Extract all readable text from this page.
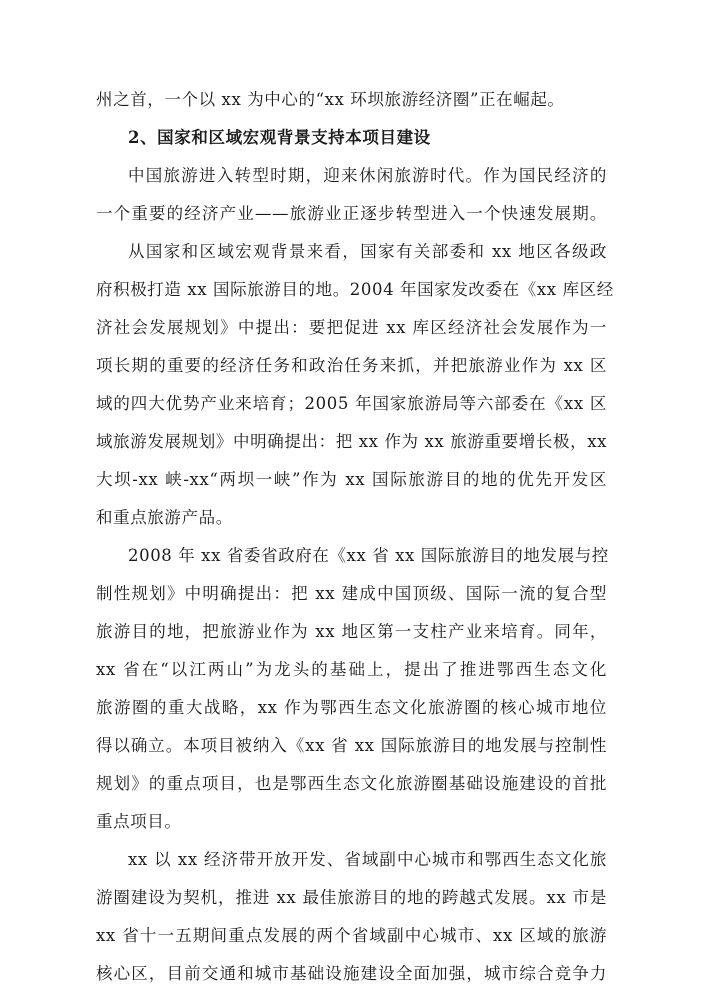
州之首，一个以 xx 为中心的“xx 环坝旅游经济圈”正在崛起。
2、国家和区域宏观背景支持本项目建设
中国旅游进入转型时期，迎来休闲旅游时代。作为国民经济的
一个重要的经济产业——旅游业正逐步转型进入一个快速发展期。
从国家和区域宏观背景来看，国家有关部委和 xx 地区各级政
府积极打造 xx 国际旅游目的地。2004 年国家发改委在《xx 库区经
济社会发展规划》中提出：要把促进 xx 库区经济社会发展作为一
项长期的重要的经济任务和政治任务来抓，并把旅游业作为 xx 区
域的四大优势产业来培育；2005 年国家旅游局等六部委在《xx 区
域旅游发展规划》中明确提出：把 xx 作为 xx 旅游重要增长极，xx
大坝-xx 峡-xx“两坝一峡”作为 xx 国际旅游目的地的优先开发区
和重点旅游产品。
2008 年 xx 省委省政府在《xx 省 xx 国际旅游目的地发展与控
制性规划》中明确提出：把 xx 建成中国顶级、国际一流的复合型
旅游目的地，把旅游业作为 xx 地区第一支柱产业来培育。同年，
xx 省在“以江两山”为龙头的基础上，提出了推进鄂西生态文化
旅游圈的重大战略，xx 作为鄂西生态文化旅游圈的核心城市地位
得以确立。本项目被纳入《xx 省 xx 国际旅游目的地发展与控制性
规划》的重点项目，也是鄂西生态文化旅游圈基础设施建设的首批
重点项目。
xx 以 xx 经济带开放开发、省域副中心城市和鄂西生态文化旅
游圈建设为契机，推进 xx 最佳旅游目的地的跨越式发展。xx 市是
xx 省十一五期间重点发展的两个省域副中心城市、xx 区域的旅游
核心区，目前交通和城市基础设施建设全面加强，城市综合竞争力
